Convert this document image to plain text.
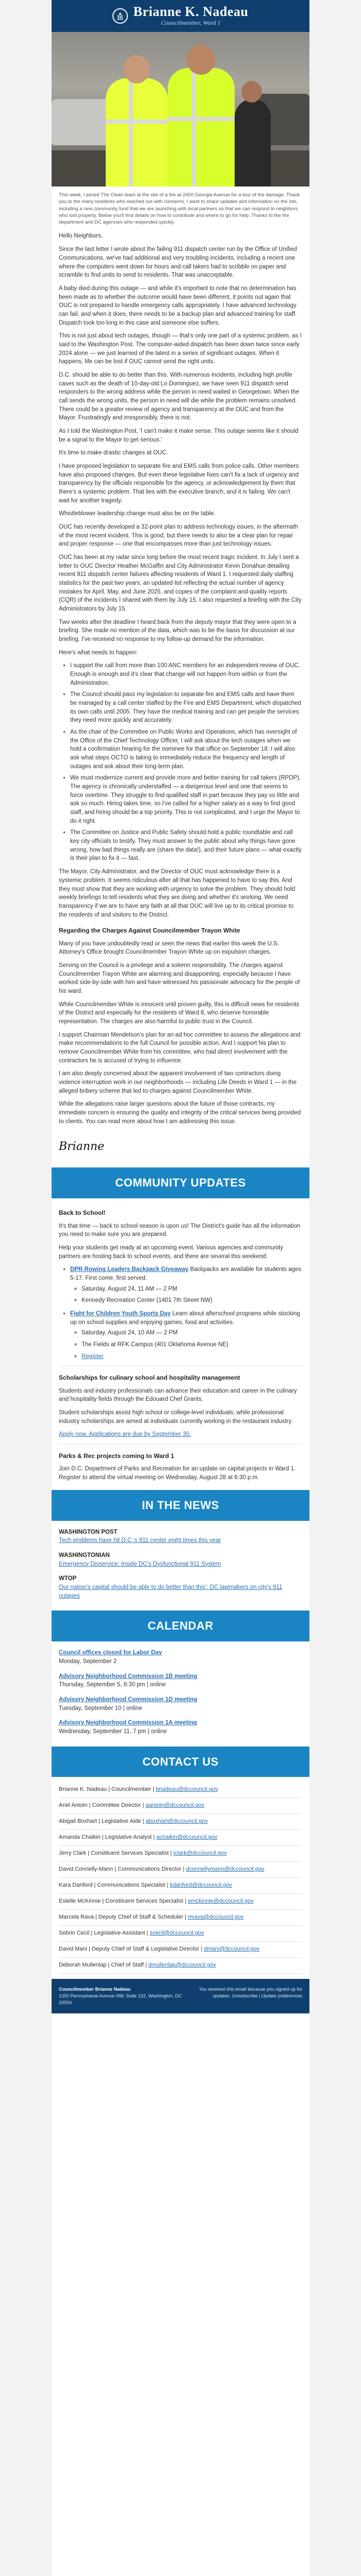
Brianne K. Nadeau
Councilmember, Ward 1
This week, I joined The Clean team at the site of a fire at 2400 Georgia Avenue for a tour of the damage. Thank you to the many residents who reached out with concerns, I want to share updates and information on the lots, including a new community fund that we are launching with local partners so that we can respond to neighbors who lost property. Below you'll find details on how to contribute and where to go for help. Thanks to the fire department and DC agencies who responded quickly.

Hello Neighbors,

Since the last letter I wrote about the failing 911 dispatch center run by the Office of Unified Communications, we've had additional and very troubling incidents, including a recent one where the computers went down for hours and call takers had to scribble on paper and scramble to find units to send to residents. That was unacceptable.

A baby died during this outage — and while it's important to note that no determination has been made as to whether the outcome would have been different, it points out again that OUC is not prepared to handle emergency calls appropriately. I have advanced technology can fail, and when it does, there needs to be a backup plan and advanced training for staff. Dispatch took too long in this case and someone else suffers.

This is not just about tech outages, though — that's only one part of a systemic problem, as I said to the Washington Post. The computer-aided dispatch has been down twice since early 2024 alone — we just learned of the latest in a series of significant outages. When it happens, life can be lost if OUC cannot send the right units.

D.C. should be able to do better than this. With numerous incidents, including high profile cases such as the death of 10-day-old Lo Dominguez, we have seen 911 dispatch send responders to the wrong address while the person in need waited in Georgetown. When the call sends the wrong units, the person in need will die while the problem remains unsolved. There could be a greater review of agency and transparency at the OUC and from the Mayor. Frustratingly and irresponsibly, there is not.

As I told the Washington Post, 'I can't make it make sense. This outage seems like it should be a signal to the Mayor to get serious.'

It's time to make drastic changes at OUC.

I have proposed legislation to separate fire and EMS calls from police calls. Other members have also proposed changes. But even these legislative fixes can't fix a lack of urgency and transparency by the officials responsible for the agency, or acknowledgement by them that there's a systemic problem. That lies with the executive branch, and it is failing. We can't wait for another tragedy.

Whistleblower leadership change must also be on the table.

OUC has recently developed a 32-point plan to address technology issues, in the aftermath of the most recent incident. This is good, but there needs to also be a clear plan for repair and proper response — one that encompasses more than just technology issues.

OUC has been at my radar since long before the most recent tragic incident. In July I sent a letter to OUC Director Heather McGaffin and City Administrator Kevin Donahue detailing recent 911 dispatch center failures affecting residents of Ward 1. I requested daily staffing statistics for the past two years, an updated list reflecting the actual number of agency mistakes for April, May, and June 2025, and copies of the complaint-and-quality reports (CQR) of the incidents I shared with them by July 15. I also requested a briefing with the City Administrators by July 15.

Two weeks after the deadline I heard back from the deputy mayor that they were open to a briefing. She made no mention of the data, which was to be the basis for discussion at our briefing. I've received no response to my follow-up demand for the information.

Here's what needs to happen:

• I support the call from more than 100 ANC members for an independent review of OUC. Enough is enough and it's clear that change will not happen from within or from the Administration.
• The Council should pass my legislation to separate fire and EMS calls and have them be managed by a call center staffed by the Fire and EMS Department, which dispatched its own calls until 2005. They have the medical training and can get people the services they need more quickly and accurately.
• As the chair of the Committee on Public Works and Operations, which has oversight of the Office of the Chief Technology Officer, I will ask about the tech outages when we hold a confirmation hearing for the nominee for that office on September 18. I will also ask what steps OCTO is taking to immediately reduce the frequency and length of outages and ask about their long-term plan.
• We must modernize current and provide more and better training for call takers (RPDP). The agency is chronically understaffed — a dangerous level and one that seems to force overtime. They struggle to find qualified staff in part because they pay so little and ask so much. Hiring takes time, so I've called for a higher salary as a way to find good staff, and hiring should be a top priority. This is not complicated, and I urge the Mayor to do it right.
• The Committee on Justice and Public Safety should hold a public roundtable and call key city officials to testify. They must answer to the public about why things have gone wrong, how bad things really are (share the data!), and their future plans — what exactly is their plan to fix it — fast.

The Mayor, City Administrator, and the Director of OUC must acknowledge there is a systemic problem. It seems ridiculous after all that has happened to have to say this. And they must show that they are working with urgency to solve the problem. They should hold weekly briefings to tell residents what they are doing and whether it's working. We need transparency if we are to have any faith at all that OUC will live up to its critical promise to the residents of and visitors to the District.

Regarding the Charges Against Councilmember Trayon White

Many of you have undoubtedly read or seen the news that earlier this week the U.S. Attorney's Office brought Councilmember Trayon White up on expulsion charges.

Serving on the Council is a privilege and a solemn responsibility. The charges against Councilmember Trayon White are alarming and disappointing, especially because I have worked side-by-side with him and have witnessed his passionate advocacy for the people of his ward.

While Councilmember White is innocent until proven guilty, this is difficult news for residents of the District and especially for the residents of Ward 8, who deserve honorable representation. The charges are also harmful to public trust in the Council.

I support Chairman Mendelson's plan for an ad hoc committee to assess the allegations and make recommendations to the full Council for possible action. And I support his plan to remove Councilmember White from his committee, who had direct involvement with the contractors he is accused of trying to influence.

I am also deeply concerned about the apparent involvement of two contractors doing violence interruption work in our neighborhoods — including Life Deeds in Ward 1 — in the alleged bribery scheme that led to charges against Councilmember White.

While the allegations raise larger questions about the future of those contracts, my immediate concern is ensuring the quality and integrity of the critical services being provided to clients. You can read more about how I am addressing this issue.

Brianne
COMMUNITY UPDATES
Back to School!

It's that time — back to school season is upon us! The District's guide has all the information you need to make sure you are prepared.

Help your students get ready at an upcoming event. Various agencies and community partners are hosting back to school events, and there are several this weekend:

• DPR Rowing Leaders Backpack Giveaway Backpacks are available for students ages 5-17. First come, first served.
◦ Saturday, August 24, 11 AM — 2 PM
◦ Kennedy Recreation Center (1401 7th Street NW)
• Fight for Children Youth Sports Day Learn about afterschool programs while stocking up on school supplies and enjoying games, food and activities.
◦ Saturday, August 24, 10 AM — 2 PM
◦ The Fields at RFK Campus (401 Oklahoma Avenue NE)
◦ Register
Scholarships for culinary school and hospitality management

Students and industry professionals can advance their education and career in the culinary and hospitality fields through the Edouard Chef Grants.

Student scholarships assist high school or college-level individuals, while professional industry scholarships are aimed at individuals currently working in the restaurant industry.

Apply now. Applications are due by September 30.

Parks & Rec projects coming to Ward 1

Join D.C. Department of Parks and Recreation for an update on capital projects in Ward 1. Register to attend the virtual meeting on Wednesday, August 28 at 6:30 p.m.

IN THE NEWS
WASHINGTON POST
Tech problems have hit D.C.'s 911 center eight times this year
WASHINGTONIAN
Emergency Disservice: Inside DC's Dysfunctional 911 System
WTOP
Our nation's capital should be able to do better than this': DC lawmakers on city's 911 outages
CALENDAR
Council offices closed for Labor Day
Monday, September 2
Advisory Neighborhood Commission 1B meeting
Thursday, September 5, 6:30 pm | online
Advisory Neighborhood Commission 1D meeting
Tuesday, September 10 | online
Advisory Neighborhood Commission 1A meeting
Wednesday, September 11, 7 pm | online
CONTACT US
Brianne K. Nadeau | Councilmember | bnadeau@dccouncil.gov
Ariel Antoin | Committee Director | aantoin@dccouncil.gov
Abigail Boxhart | Legislative Aide | aboxhart@dccouncil.gov
Amanda Chaikin | Legislative Analyst | achaikin@dccouncil.gov
Jerry Clark | Constituent Services Specialist | jclark@dccouncil.gov
David Connelly-Mann | Communications Director | dconnellymann@dccouncil.gov
Kara Danford | Communications Specialist | kdanford@dccouncil.gov
Estelle McKinnie | Constituent Services Specialist | emckinnie@dccouncil.gov
Marcela Rava | Deputy Chief of Staff & Scheduler | mrava@dccouncil.gov
Sebrin Cecil | Legislative Assistant | scecil@dccouncil.gov
David Mani | Deputy Chief of Staff & Legislative Director | dmani@dccouncil.gov
Deborah Mullenlap | Chief of Staff | dmullenlap@dccouncil.gov
Councilmember Brianne Nadeau
1350 Pennsylvania Avenue NW, Suite 102, Washington, DC 20004
You received this email because you signed up for updates. Unsubscribe | Update preferences
